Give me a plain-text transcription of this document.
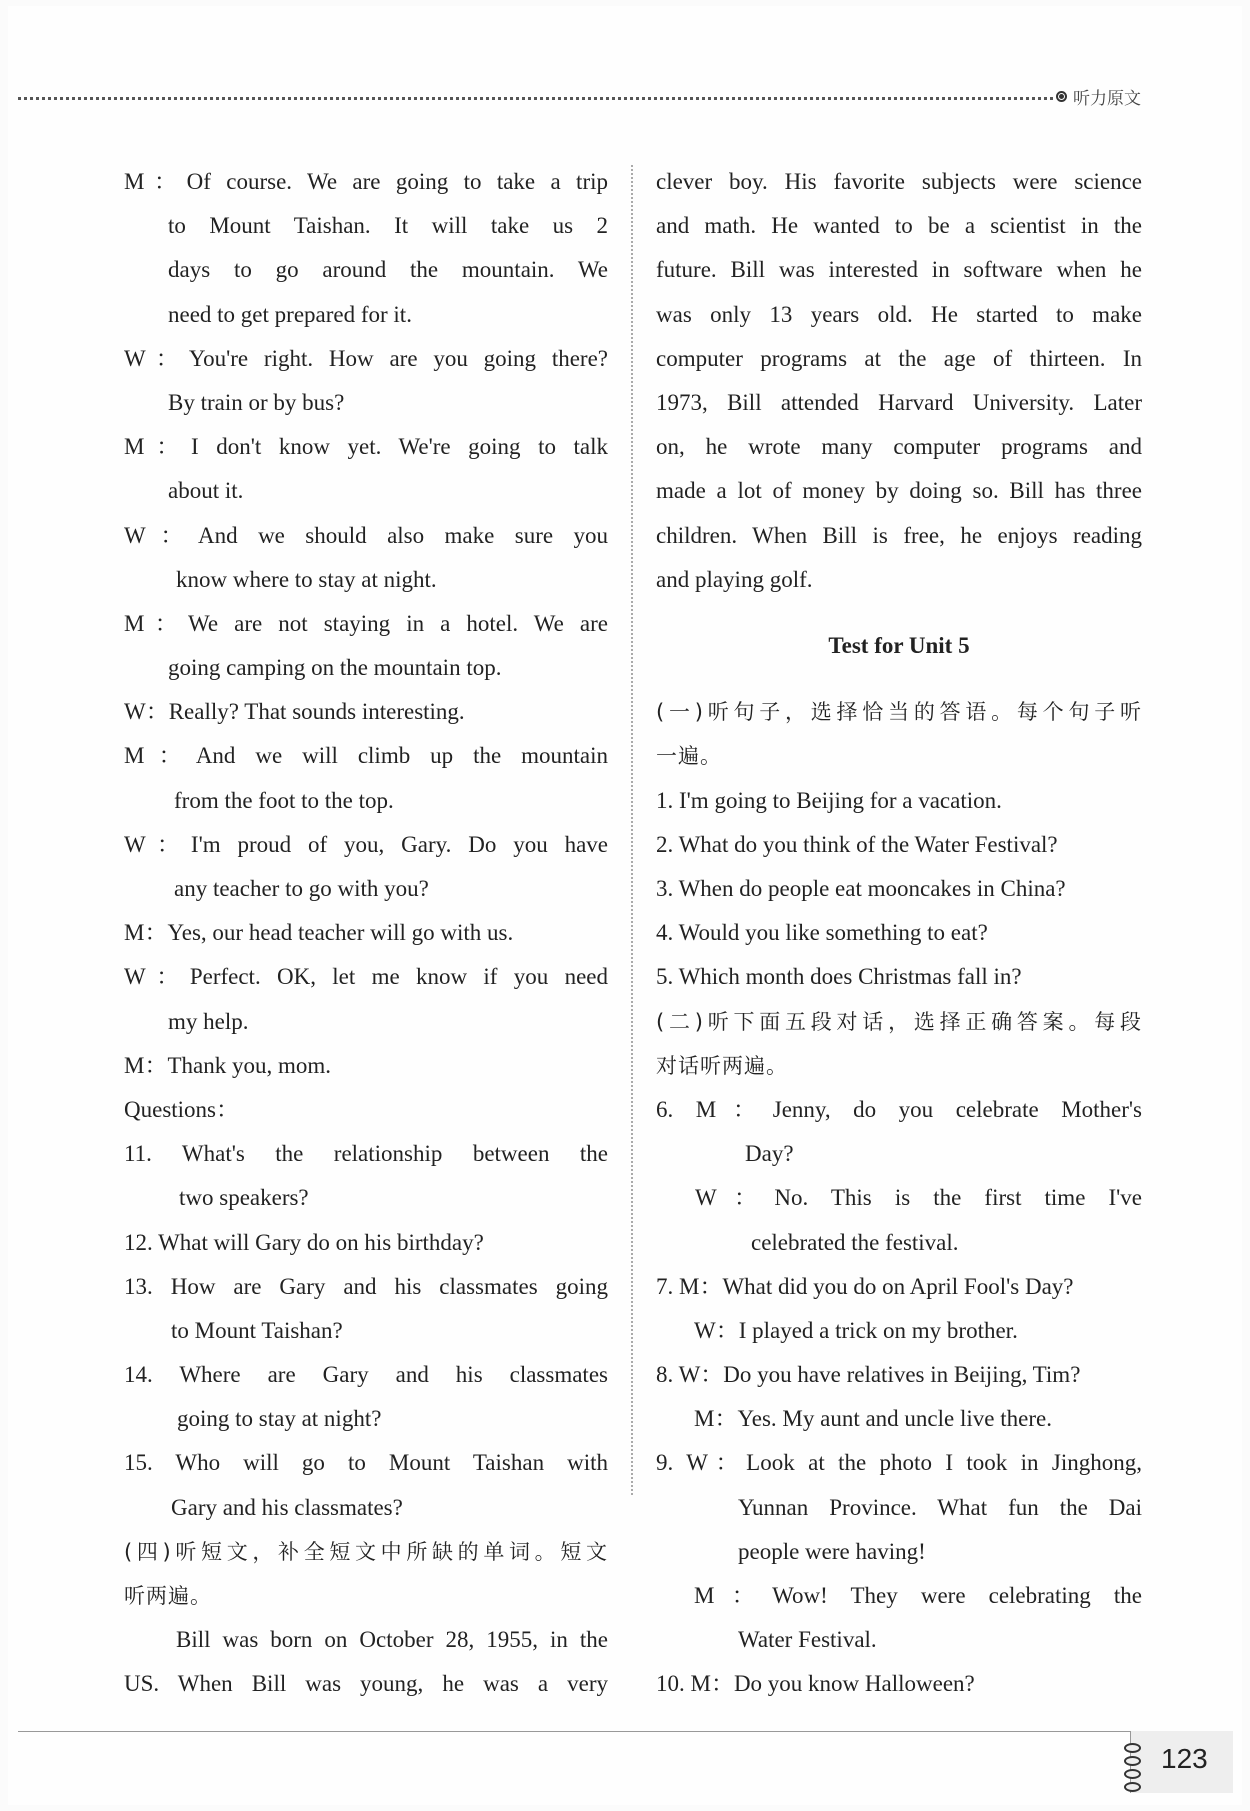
听力原文
M：Of course. We are going to take a trip
to Mount Taishan. It will take us 2
days to go around the mountain. We
need to get prepared for it.
W：You're right. How are you going there?
By train or by bus?
M：I don't know yet. We're going to talk
about it.
W：And we should also make sure you
know where to stay at night.
M：We are not staying in a hotel. We are
going camping on the mountain top.
W：Really? That sounds interesting.
M：And we will climb up the mountain
from the foot to the top.
W：I'm proud of you, Gary. Do you have
any teacher to go with you?
M：Yes, our head teacher will go with us.
W：Perfect. OK, let me know if you need
my help.
M：Thank you, mom.
Questions：
11. What's the relationship between the
two speakers?
12. What will Gary do on his birthday?
13. How are Gary and his classmates going
to Mount Taishan?
14. Where are Gary and his classmates
going to stay at night?
15. Who will go to Mount Taishan with
Gary and his classmates?
(四)听短文，补全短文中所缺的单词。短文
听两遍。
Bill was born on October 28, 1955, in the
US. When Bill was young, he was a very
clever boy. His favorite subjects were science
and math. He wanted to be a scientist in the
future. Bill was interested in software when he
was only 13 years old. He started to make
computer programs at the age of thirteen. In
1973, Bill attended Harvard University. Later
on, he wrote many computer programs and
made a lot of money by doing so. Bill has three
children. When Bill is free, he enjoys reading
and playing golf.
Test for Unit 5
(一)听句子，选择恰当的答语。每个句子听
一遍。
1. I'm going to Beijing for a vacation.
2. What do you think of the Water Festival?
3. When do people eat mooncakes in China?
4. Would you like something to eat?
5. Which month does Christmas fall in?
(二)听下面五段对话，选择正确答案。每段
对话听两遍。
6. M：Jenny, do you celebrate Mother's
Day?
W：No. This is the first time I've
celebrated the festival.
7. M：What did you do on April Fool's Day?
W：I played a trick on my brother.
8. W：Do you have relatives in Beijing, Tim?
M：Yes. My aunt and uncle live there.
9. W：Look at the photo I took in Jinghong,
Yunnan Province. What fun the Dai
people were having!
M：Wow! They were celebrating the
Water Festival.
10. M：Do you know Halloween?
123
